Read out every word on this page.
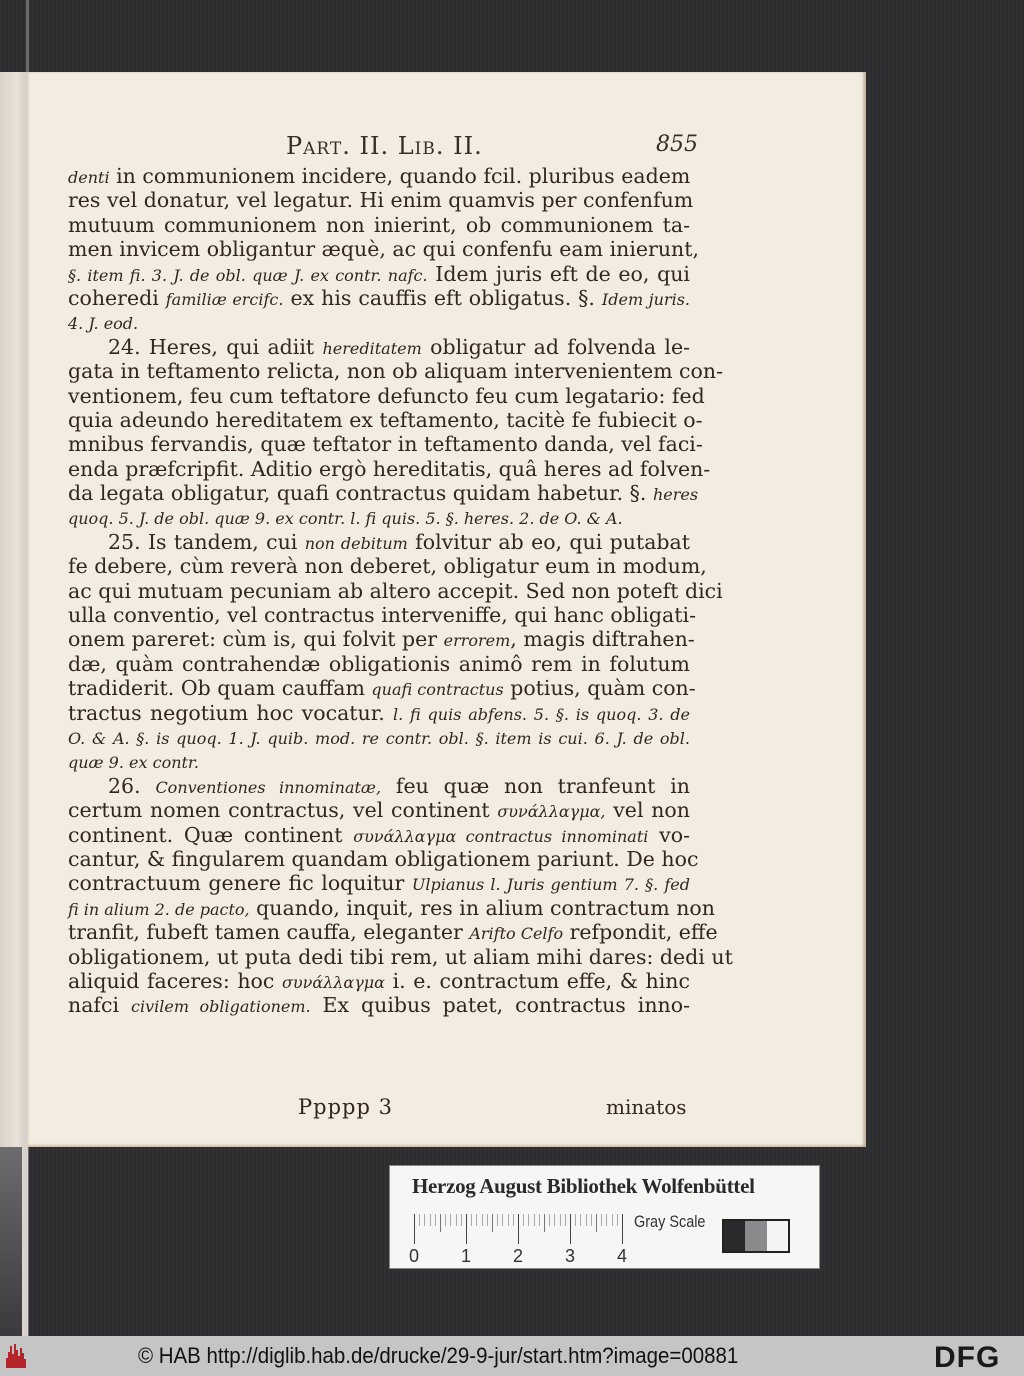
Part. II. Lib. II.	855
denti in communionem incidere, quando fcil. pluribus eadem
res vel donatur, vel legatur. Hi enim quamvis per confenfum
mutuum communionem non inierint, ob communionem ta-
men invicem obligantur æquè, ac qui confenfu eam inierunt,
§. item fi. 3. J. de obl. quæ J. ex contr. nafc. Idem juris eft de eo, qui
coheredi familiæ ercifc. ex his cauffis eft obligatus. §. Idem juris.
4. J. eod.
24. Heres, qui adiit hereditatem obligatur ad folvenda le-
gata in teftamento relicta, non ob aliquam intervenientem con-
ventionem, feu cum teftatore defuncto feu cum legatario: fed
quia adeundo hereditatem ex teftamento, tacitè fe fubiecit o-
mnibus fervandis, quæ teftator in teftamento danda, vel faci-
enda præfcripfit. Aditio ergò hereditatis, quâ heres ad folven-
da legata obligatur, quafi contractus quidam habetur. §. heres
quoq. 5. J. de obl. quæ 9. ex contr. l. fi quis. 5. §. heres. 2. de O. & A.
25. Is tandem, cui non debitum folvitur ab eo, qui putabat
fe debere, cùm reverà non deberet, obligatur eum in modum,
ac qui mutuam pecuniam ab altero accepit. Sed non poteft dici
ulla conventio, vel contractus interveniffe, qui hanc obligati-
onem pareret: cùm is, qui folvit per errorem, magis diftrahen-
dæ, quàm contrahendæ obligationis animô rem in folutum
tradiderit. Ob quam cauffam quafi contractus potius, quàm con-
tractus negotium hoc vocatur. l. fi quis abfens. 5. §. is quoq. 3. de
O. & A. §. is quoq. 1. J. quib. mod. re contr. obl. §. item is cui. 6. J. de obl.
quæ 9. ex contr.
26. Conventiones innominatæ, feu quæ non tranfeunt in
certum nomen contractus, vel continent συνάλλαγμα, vel non
continent. Quæ continent συνάλλαγμα contractus innominati vo-
cantur, & fingularem quandam obligationem pariunt. De hoc
contractuum genere fic loquitur Ulpianus l. Juris gentium 7. §. fed
fi in alium 2. de pacto, quando, inquit, res in alium contractum non
tranfit, fubeft tamen cauffa, eleganter Arifto Celfo refpondit, effe
obligationem, ut puta dedi tibi rem, ut aliam mihi dares: dedi ut
aliquid faceres: hoc συνάλλαγμα i. e. contractum effe, & hinc
nafci civilem obligationem. Ex quibus patet, contractus inno-
Ppppp 3	minatos
Herzog August Bibliothek Wolfenbüttel
0 1 2 3 4
Gray Scale
© HAB http://diglib.hab.de/drucke/29-9-jur/start.htm?image=00881	DFG
